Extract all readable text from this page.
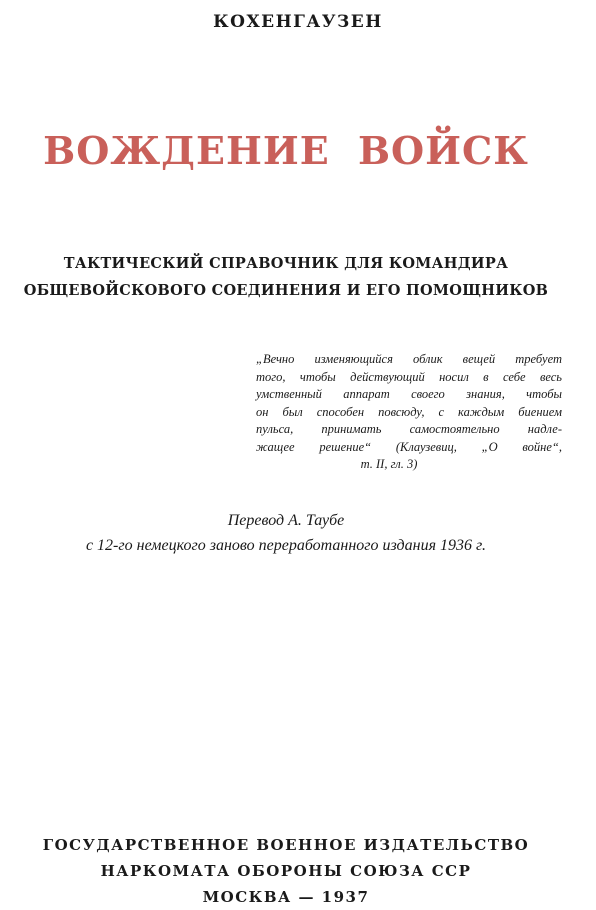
КОХЕНГАУЗЕН
ВОЖДЕНИЕ ВОЙСК
ТАКТИЧЕСКИЙ СПРАВОЧНИК ДЛЯ КОМАНДИРА
ОБЩЕВОЙСКОВОГО СОЕДИНЕНИЯ И ЕГО ПОМОЩНИКОВ
„Вечно изменяющийся облик вещей требует
того, чтобы действующий носил в себе весь
умственный аппарат своего знания, чтобы
он был способен повсюду, с каждым биением
пульса, принимать самостоятельно надле-
жащее решение“ (Клаузевиц, „О войне“,
т. II, гл. 3)
Перевод А. Таубе
с 12-го немецкого заново переработанного издания 1936 г.
ГОСУДАРСТВЕННОЕ ВОЕННОЕ ИЗДАТЕЛЬСТВО
НАРКОМАТА ОБОРОНЫ СОЮЗА ССР
МОСКВА — 1937
